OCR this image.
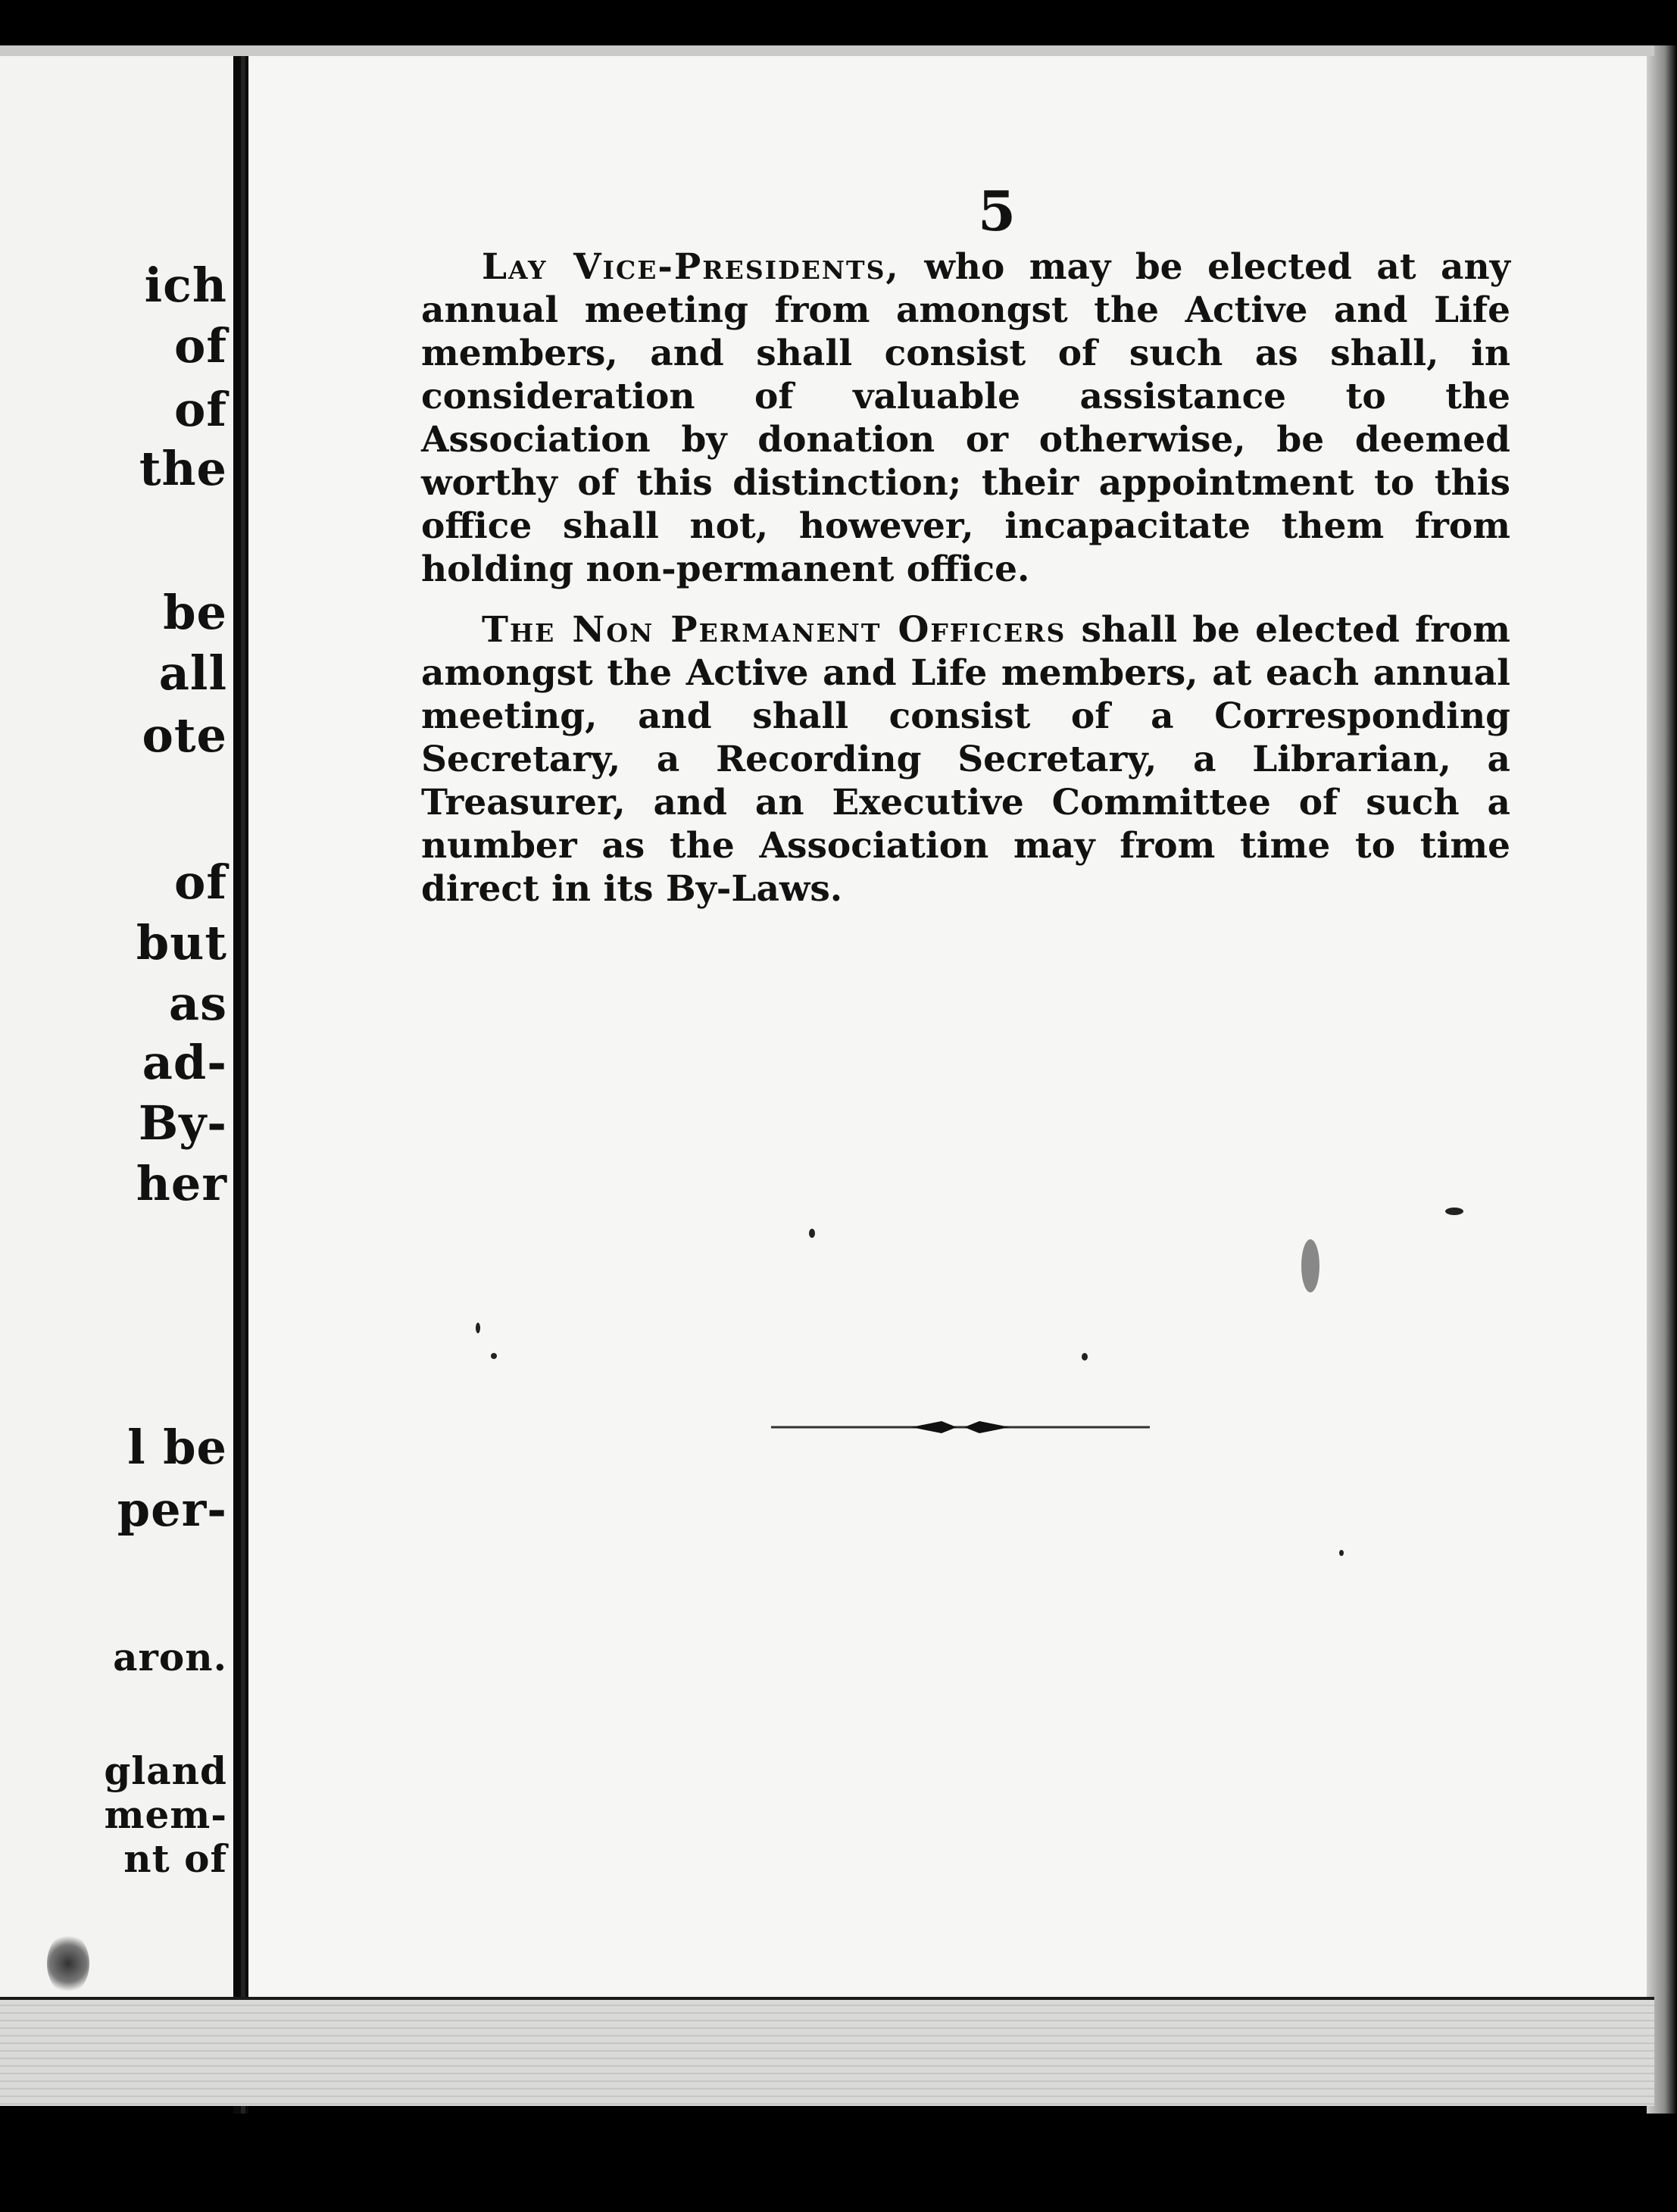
ich
of
of
the
be
all
ote
of
but
as
ad-
By-
her
l be
per-
aron.
gland
mem-
nt of
5

Lay Vice-Presidents, who may be elected at any annual meeting from amongst the Active and Life members, and shall consist of such as shall, in consideration of valuable assistance to the Association by donation or otherwise, be deemed worthy of this distinction; their appointment to this office shall not, however, incapacitate them from holding non-permanent office.

The Non Permanent Officers shall be elected from amongst the Active and Life members, at each annual meeting, and shall consist of a Corresponding Secretary, a Recording Secretary, a Librarian, a Treasurer, and an Executive Committee of such a number as the Association may from time to time direct in its By-Laws.
